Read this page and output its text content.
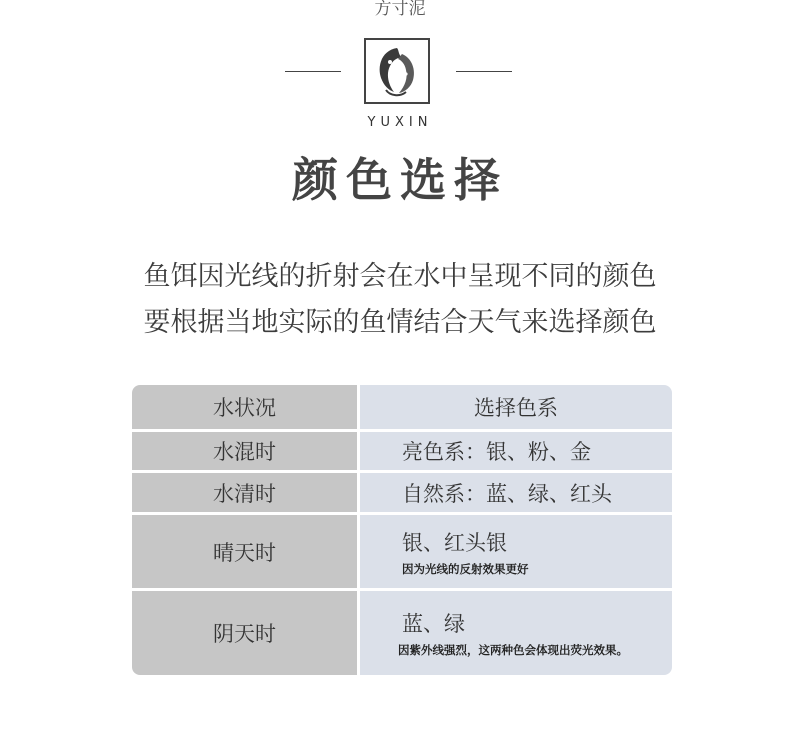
方寸泥
YUXIN
颜色选择

鱼饵因光线的折射会在水中呈现不同的颜色

要根据当地实际的鱼情结合天气来选择颜色

水状况	选择色系
水混时	亮色系：银、粉、金
水清时	自然系：蓝、绿、红头
晴天时	银、红头银
因为光线的反射效果更好
阴天时	蓝、绿
因紫外线强烈，这两种色会体现出荧光效果。
